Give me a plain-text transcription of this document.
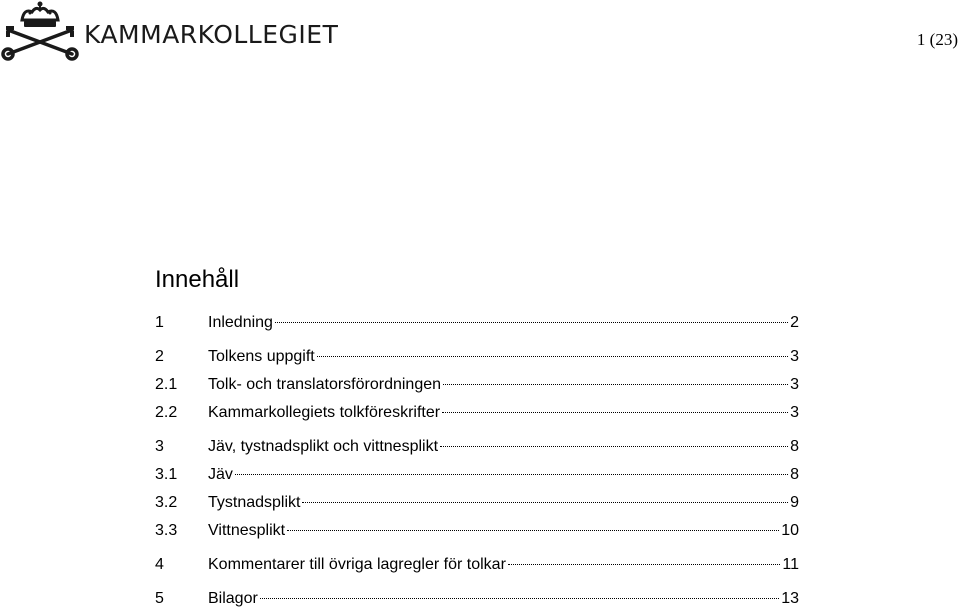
KAMMARKOLLEGIET	1 (23)
Innehåll
1	Inledning	2
2	Tolkens uppgift	3
2.1	Tolk- och translatorsförordningen	3
2.2	Kammarkollegiets tolkföreskrifter	3
3	Jäv, tystnadsplikt och vittnesplikt	8
3.1	Jäv	8
3.2	Tystnadsplikt	9
3.3	Vittnesplikt	10
4	Kommentarer till övriga lagregler för tolkar	11
5	Bilagor	13
